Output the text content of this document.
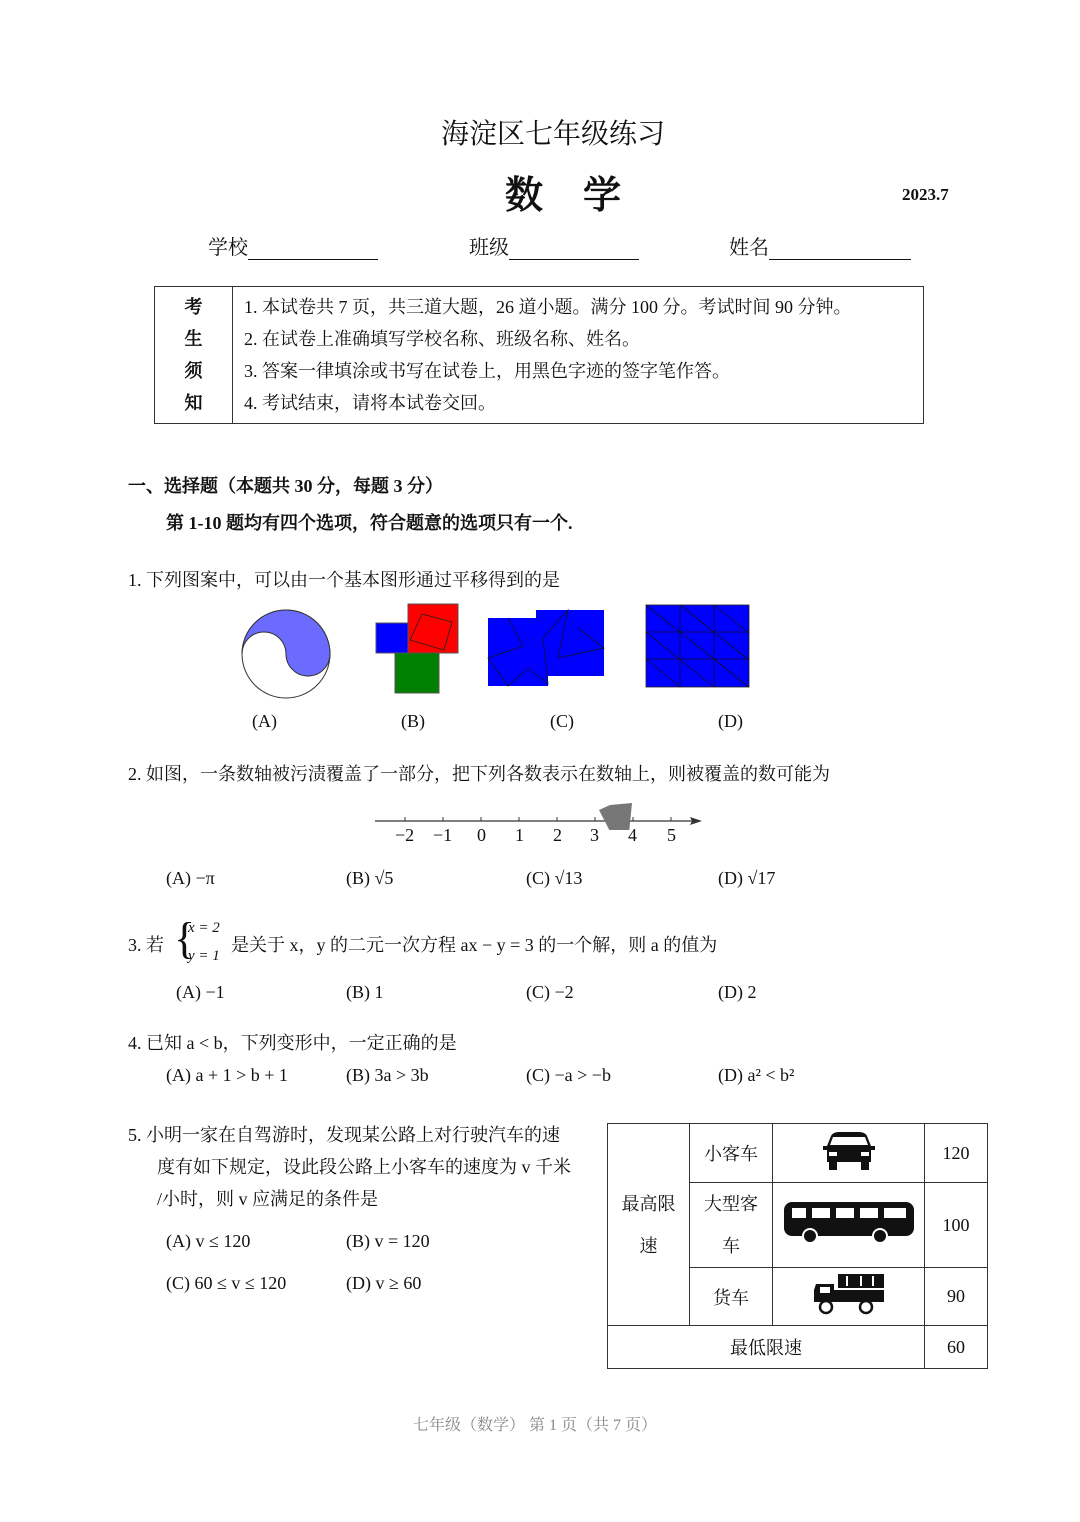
海淀区七年级练习
数学	2023.7
学校	班级	姓名
考
生
须
知

1. 本试卷共 7 页，共三道大题，26 道小题。满分 100 分。考试时间 90 分钟。
2. 在试卷上准确填写学校名称、班级名称、姓名。
3. 答案一律填涂或书写在试卷上，用黑色字迹的签字笔作答。
4. 考试结束，请将本试卷交回。
一、选择题（本题共 30 分，每题 3 分）
第 1-10 题均有四个选项，符合题意的选项只有一个.
1. 下列图案中，可以由一个基本图形通过平移得到的是
(A)	(B)	(C)	(D)
2. 如图，一条数轴被污渍覆盖了一部分，把下列各数表示在数轴上，则被覆盖的数可能为
−2 −1 0 1 2 3 4 5
(A) −π	(B) √5	(C) √13	(D) √17
3. 若 {
x = 2
y = 1
是关于 x，y 的二元一次方程 ax − y = 3 的一个解，则 a 的值为
(A) −1	(B) 1	(C) −2	(D) 2
4. 已知 a < b，下列变形中，一定正确的是
(A) a + 1 > b + 1	(B) 3a > 3b	(C) −a > −b	(D) a² < b²
5. 小明一家在自驾游时，发现某公路上对行驶汽车的速
度有如下规定，设此段公路上小客车的速度为 v 千米
/小时，则 v 应满足的条件是
(A) v ≤ 120	(B) v = 120
(C) 60 ≤ v ≤ 120	(D) v ≥ 60
最高限速	小客车		120

	大型客车		100
	货车		90
最低限速			60
七年级（数学） 第 1 页（共 7 页）
